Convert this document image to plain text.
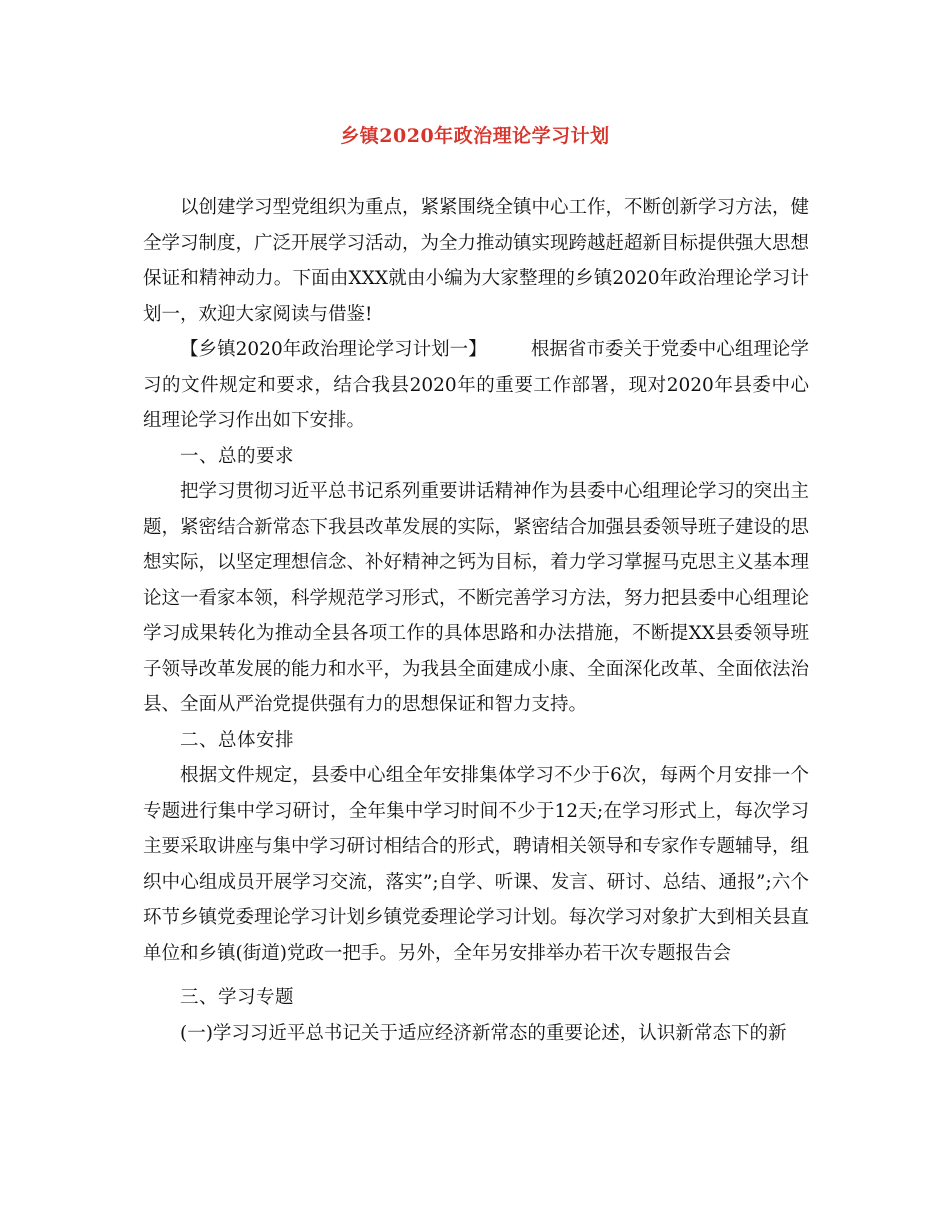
乡镇2020年政治理论学习计划

以创建学习型党组织为重点，紧紧围绕全镇中心工作，不断创新学习方法，健全学习制度，广泛开展学习活动，为全力推动镇实现跨越赶超新目标提供强大思想保证和精神动力。下面由XXX就由小编为大家整理的乡镇2020年政治理论学习计划一，欢迎大家阅读与借鉴!

【乡镇2020年政治理论学习计划一】 根据省市委关于党委中心组理论学习的文件规定和要求，结合我县2020年的重要工作部署，现对2020年县委中心组理论学习作出如下安排。

一、总的要求

把学习贯彻习近平总书记系列重要讲话精神作为县委中心组理论学习的突出主题，紧密结合新常态下我县改革发展的实际，紧密结合加强县委领导班子建设的思想实际，以坚定理想信念、补好精神之钙为目标，着力学习掌握马克思主义基本理论这一看家本领，科学规范学习形式，不断完善学习方法，努力把县委中心组理论学习成果转化为推动全县各项工作的具体思路和办法措施，不断提XX县委领导班子领导改革发展的能力和水平，为我县全面建成小康、全面深化改革、全面依法治县、全面从严治党提供强有力的思想保证和智力支持。

二、总体安排

根据文件规定，县委中心组全年安排集体学习不少于6次，每两个月安排一个专题进行集中学习研讨，全年集中学习时间不少于12天;在学习形式上，每次学习主要采取讲座与集中学习研讨相结合的形式，聘请相关领导和专家作专题辅导，组织中心组成员开展学习交流，落实”;自学、听课、发言、研讨、总结、通报”;六个环节乡镇党委理论学习计划乡镇党委理论学习计划。每次学习对象扩大到相关县直单位和乡镇(街道)党政一把手。另外，全年另安排举办若干次专题报告会

三、学习专题

(一)学习习近平总书记关于适应经济新常态的重要论述，认识新常态下的新
